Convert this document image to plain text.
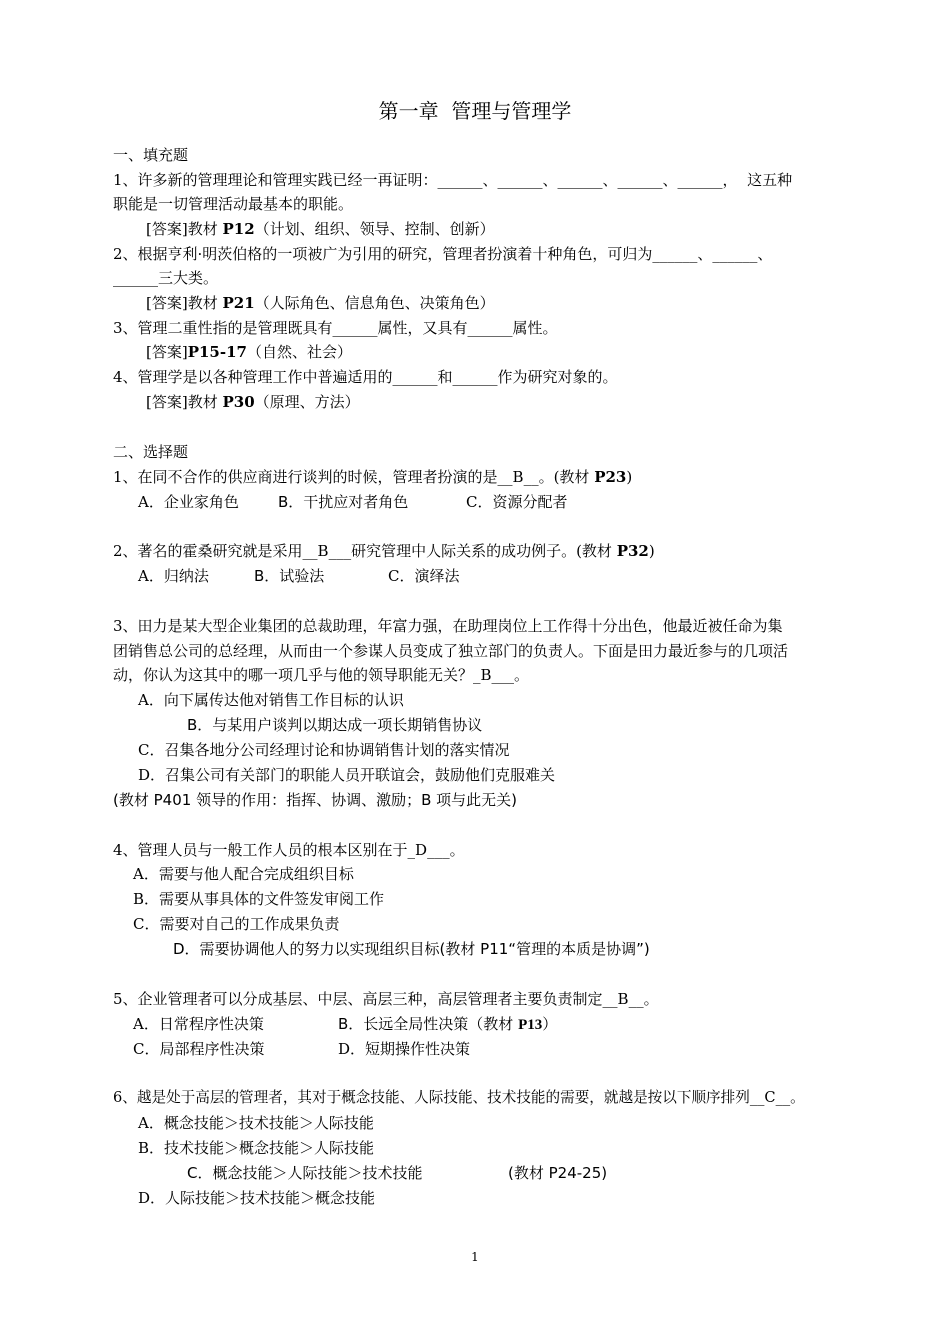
第一章  管理与管理学
一、填充题
1、许多新的管理理论和管理实践已经一再证明：______、______、______、______、______，  这五种
职能是一切管理活动最基本的职能。
[答案]教材 P12（计划、组织、领导、控制、创新）
2、根据亨利·明茨伯格的一项被广为引用的研究，管理者扮演着十种角色，可归为______、______、
______三大类。
[答案]教材 P21（人际角色、信息角色、决策角色）
3、管理二重性指的是管理既具有______属性，又具有______属性。
[答案]P15-17（自然、社会）
4、管理学是以各种管理工作中普遍适用的______和______作为研究对象的。
[答案]教材 P30（原理、方法）
二、选择题
1、在同不合作的供应商进行谈判的时候，管理者扮演的是__B__。(教材 P23)
A．企业家角色	B．干扰应对者角色	C．资源分配者
2、著名的霍桑研究就是采用__B___研究管理中人际关系的成功例子。(教材 P32)
A．归纳法	B．试验法	C．演绎法
3、田力是某大型企业集团的总裁助理，年富力强，在助理岗位上工作得十分出色，他最近被任命为集
团销售总公司的总经理，从而由一个参谋人员变成了独立部门的负责人。下面是田力最近参与的几项活
动，你认为这其中的哪一项几乎与他的领导职能无关？_B___。
A．向下属传达他对销售工作目标的认识
B．与某用户谈判以期达成一项长期销售协议
C．召集各地分公司经理讨论和协调销售计划的落实情况
D．召集公司有关部门的职能人员开联谊会，鼓励他们克服难关
(教材 P401 领导的作用：指挥、协调、激励；B 项与此无关)
4、管理人员与一般工作人员的根本区别在于_D___。
A．需要与他人配合完成组织目标
B．需要从事具体的文件签发审阅工作
C．需要对自己的工作成果负责
D．需要协调他人的努力以实现组织目标(教材 P11“管理的本质是协调”)
5、企业管理者可以分成基层、中层、高层三种，高层管理者主要负责制定__B__。
A．日常程序性决策	B．长远全局性决策（教材 P13）
C．局部程序性决策	D．短期操作性决策
6、越是处于高层的管理者，其对于概念技能、人际技能、技术技能的需要，就越是按以下顺序排列__C__。
A．概念技能＞技术技能＞人际技能
B．技术技能＞概念技能＞人际技能
C．概念技能＞人际技能＞技术技能	(教材 P24-25)
D．人际技能＞技术技能＞概念技能
1
